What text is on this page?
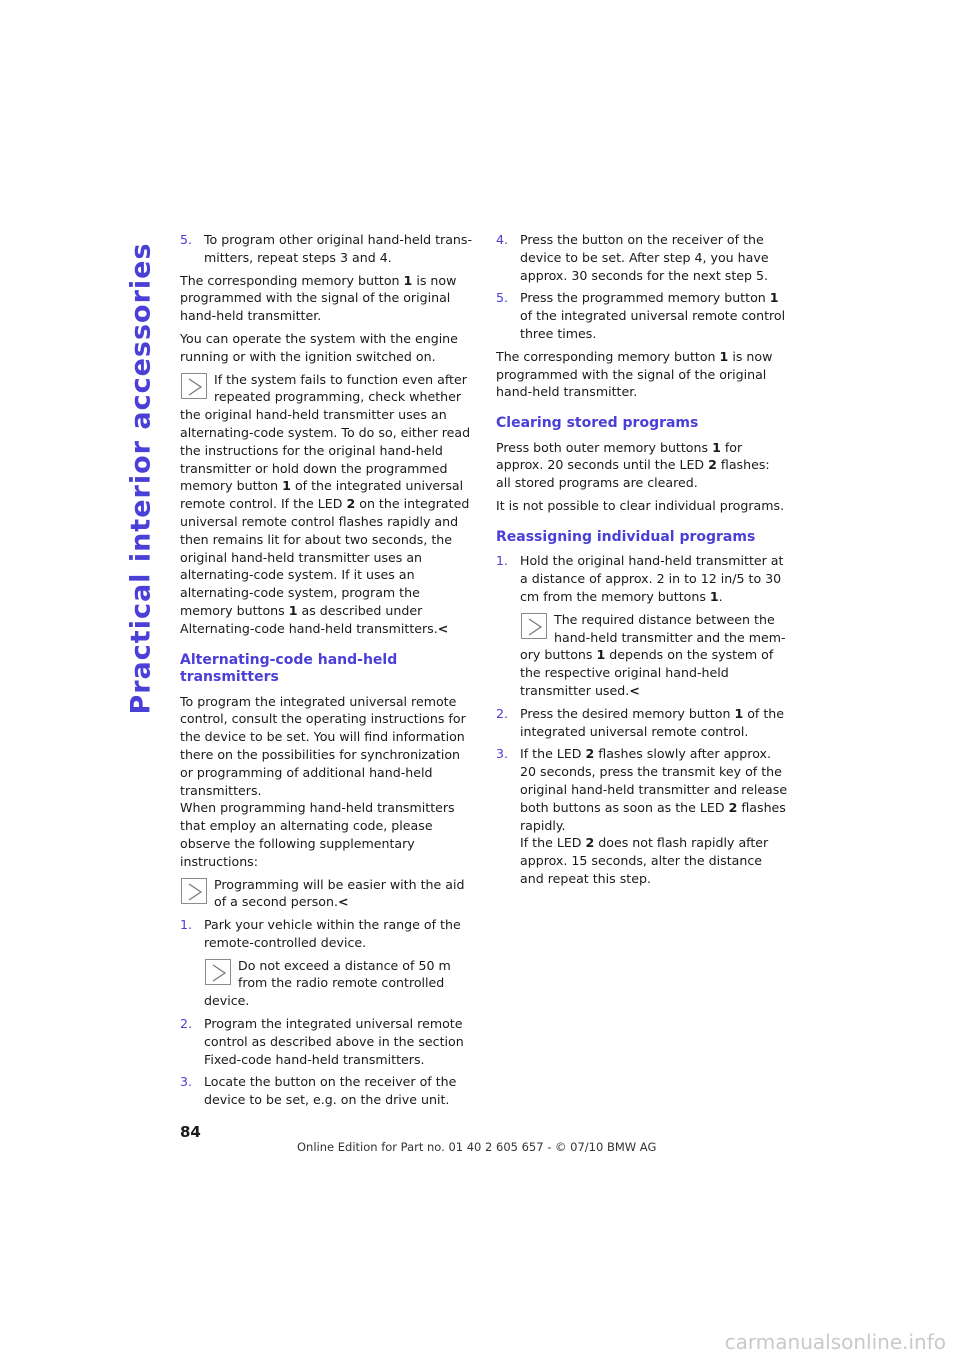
Practical interior accessories
5. To program other original hand-held transmitters, repeat steps 3 and 4.

The corresponding memory button 1 is now programmed with the signal of the original hand-held transmitter.

You can operate the system with the engine running or with the ignition switched on.

If the system fails to function even after repeated programming, check whether the original hand-held transmitter uses an alternating-code system. To do so, either read the instructions for the original hand-held transmitter or hold down the programmed memory button 1 of the integrated universal remote control. If the LED 2 on the integrated universal remote control flashes rapidly and then remains lit for about two seconds, the original hand-held transmitter uses an alternating-code system. If it uses an alternating-code system, program the memory buttons 1 as described under Alternating-code hand-held transmitters.<
Alternating-code hand-held transmitters

To program the integrated universal remote control, consult the operating instructions for the device to be set. You will find information there on the possibilities for synchronization or programming of additional hand-held transmitters.

When programming hand-held transmitters that employ an alternating code, please observe the following supplementary instructions:

Programming will be easier with the aid of a second person.<
1. Park your vehicle within the range of the remote-controlled device.
Do not exceed a distance of 50 m from the radio remote controlled device.
2. Program the integrated universal remote control as described above in the section Fixed-code hand-held transmitters.
3. Locate the button on the receiver of the device to be set, e.g. on the drive unit.
4. Press the button on the receiver of the device to be set. After step 4, you have approx. 30 seconds for the next step 5.
5. Press the programmed memory button 1 of the integrated universal remote control three times.

The corresponding memory button 1 is now programmed with the signal of the original hand-held transmitter.

Clearing stored programs

Press both outer memory buttons 1 for approx. 20 seconds until the LED 2 flashes: all stored programs are cleared.

It is not possible to clear individual programs.

Reassigning individual programs
1. Hold the original hand-held transmitter at a distance of approx. 2 in to 12 in/5 to 30 cm from the memory buttons 1.
The required distance between the hand-held transmitter and the memory buttons 1 depends on the system of the respective original hand-held transmitter used.<
2. Press the desired memory button 1 of the integrated universal remote control.
3. If the LED 2 flashes slowly after approx. 20 seconds, press the transmit key of the original hand-held transmitter and release both buttons as soon as the LED 2 flashes rapidly.
If the LED 2 does not flash rapidly after approx. 15 seconds, alter the distance and repeat this step.
84
Online Edition for Part no. 01 40 2 605 657 - © 07/10 BMW AG
carmanualsonline.info
